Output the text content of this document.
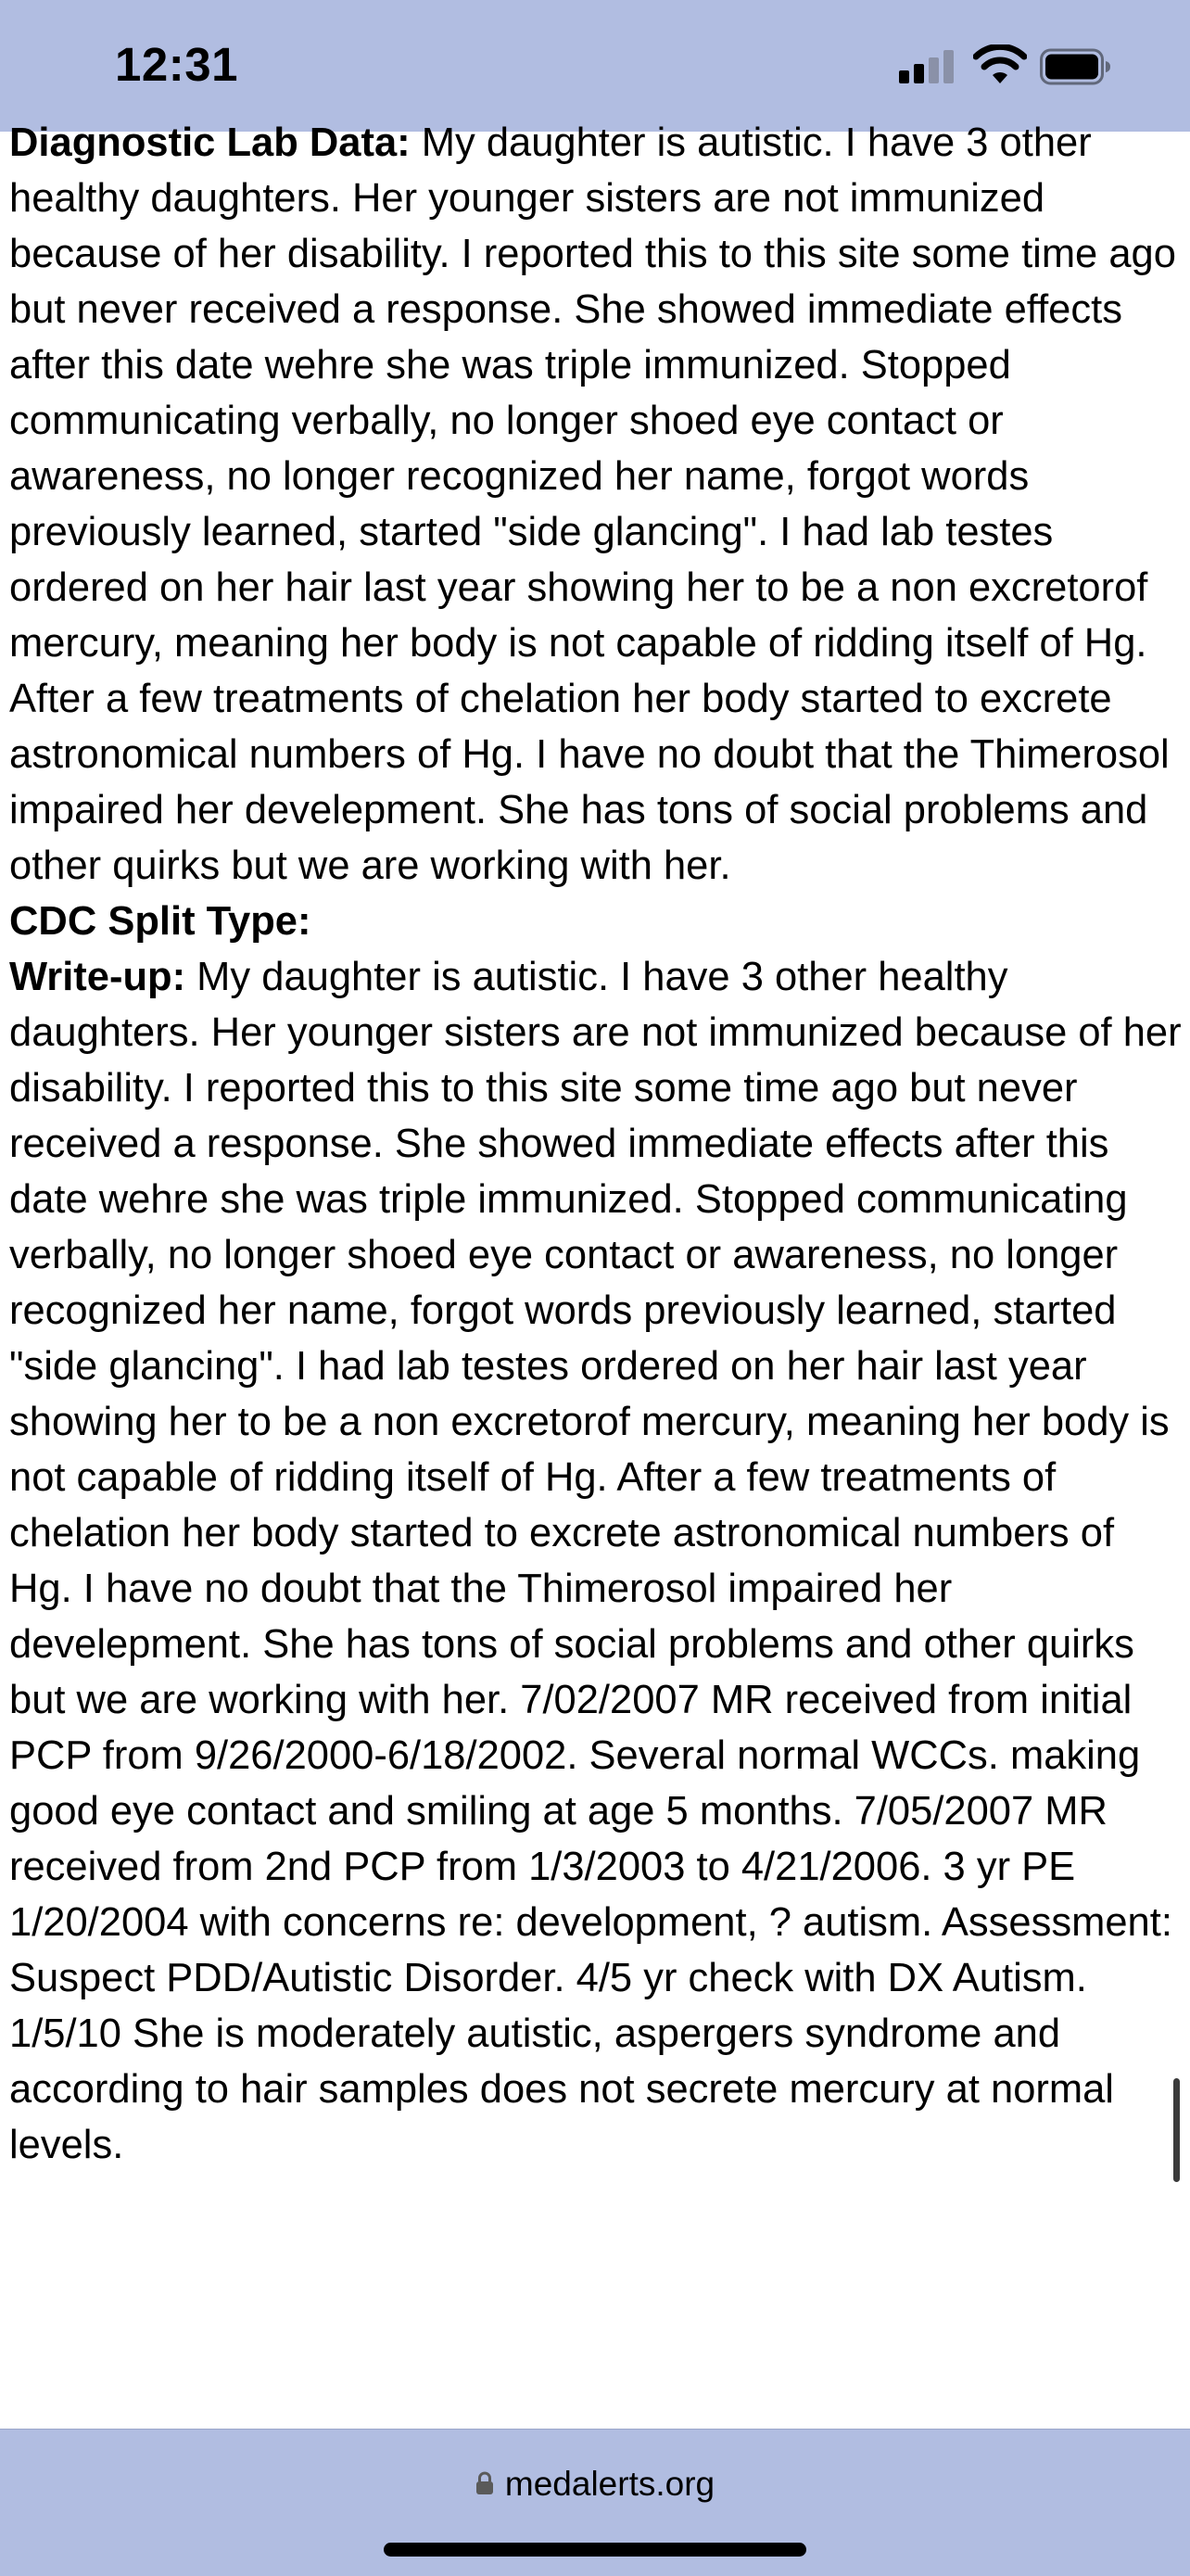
12:31

Diagnostic Lab Data: My daughter is autistic. I have 3 other healthy daughters. Her younger sisters are not immunized because of her disability. I reported this to this site some time ago but never received a response. She showed immediate effects after this date wehre she was triple immunized. Stopped communicating verbally, no longer shoed eye contact or awareness, no longer recognized her name, forgot words previously learned, started "side glancing". I had lab testes ordered on her hair last year showing her to be a non excretorof mercury, meaning her body is not capable of ridding itself of Hg. After a few treatments of chelation her body started to excrete astronomical numbers of Hg. I have no doubt that the Thimerosol impaired her develepment. She has tons of social problems and other quirks but we are working with her.

CDC Split Type:

Write-up: My daughter is autistic. I have 3 other healthy daughters. Her younger sisters are not immunized because of her disability. I reported this to this site some time ago but never received a response. She showed immediate effects after this date wehre she was triple immunized. Stopped communicating verbally, no longer shoed eye contact or awareness, no longer recognized her name, forgot words previously learned, started "side glancing". I had lab testes ordered on her hair last year showing her to be a non excretorof mercury, meaning her body is not capable of ridding itself of Hg. After a few treatments of chelation her body started to excrete astronomical numbers of Hg. I have no doubt that the Thimerosol impaired her develepment. She has tons of social problems and other quirks but we are working with her. 7/02/2007 MR received from initial PCP from 9/26/2000-6/18/2002. Several normal WCCs. making good eye contact and smiling at age 5 months. 7/05/2007 MR received from 2nd PCP from 1/3/2003 to 4/21/2006. 3 yr PE 1/20/2004 with concerns re: development, ? autism. Assessment: Suspect PDD/Autistic Disorder. 4/5 yr check with DX Autism. 1/5/10 She is moderately autistic, aspergers syndrome and according to hair samples does not secrete mercury at normal levels.

medalerts.org
